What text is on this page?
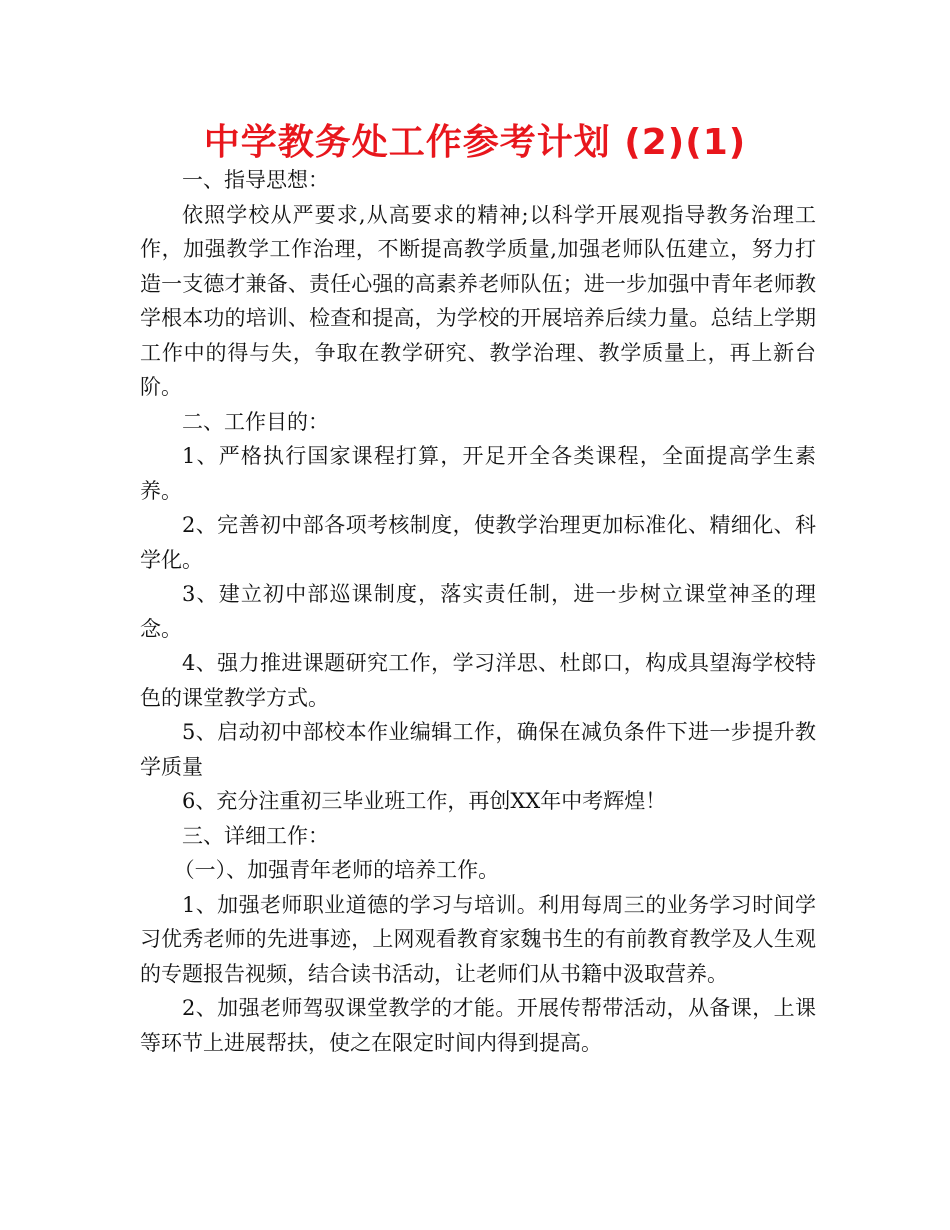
中学教务处工作参考计划 (2)(1)

一、指导思想：

依照学校从严要求,从高要求的精神;以科学开展观指导教务治理工作，加强教学工作治理，不断提高教学质量,加强老师队伍建立，努力打造一支德才兼备、责任心强的高素养老师队伍；进一步加强中青年老师教学根本功的培训、检查和提高，为学校的开展培养后续力量。总结上学期工作中的得与失，争取在教学研究、教学治理、教学质量上，再上新台阶。

二、工作目的：

1、严格执行国家课程打算，开足开全各类课程，全面提高学生素养。

2、完善初中部各项考核制度，使教学治理更加标准化、精细化、科学化。

3、建立初中部巡课制度，落实责任制，进一步树立课堂神圣的理念。

4、强力推进课题研究工作，学习洋思、杜郎口，构成具望海学校特色的课堂教学方式。

5、启动初中部校本作业编辑工作，确保在减负条件下进一步提升教学质量

6、充分注重初三毕业班工作，再创XX年中考辉煌！

三、详细工作：

（一）、加强青年老师的培养工作。

1、加强老师职业道德的学习与培训。利用每周三的业务学习时间学习优秀老师的先进事迹，上网观看教育家魏书生的有前教育教学及人生观的专题报告视频，结合读书活动，让老师们从书籍中汲取营养。

2、加强老师驾驭课堂教学的才能。开展传帮带活动，从备课，上课等环节上进展帮扶，使之在限定时间内得到提高。
